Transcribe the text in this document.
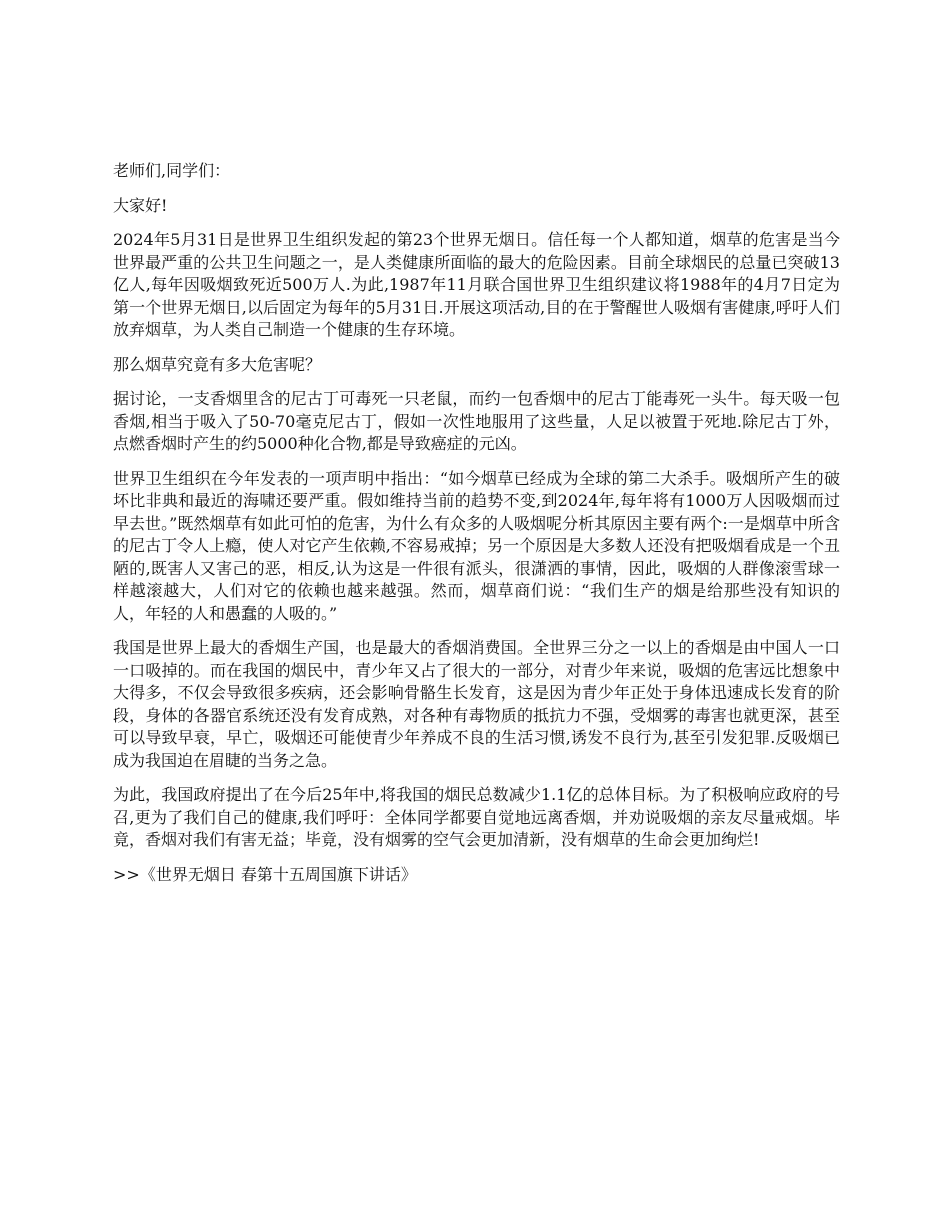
老师们,同学们：

大家好!

2024年5月31日是世界卫生组织发起的第23个世界无烟日。信任每一个人都知道，烟草的危害是当今世界最严重的公共卫生问题之一，是人类健康所面临的最大的危险因素。目前全球烟民的总量已突破13亿人,每年因吸烟致死近500万人.为此,1987年11月联合国世界卫生组织建议将1988年的4月7日定为第一个世界无烟日,以后固定为每年的5月31日.开展这项活动,目的在于警醒世人吸烟有害健康,呼吁人们放弃烟草，为人类自己制造一个健康的生存环境。

那么烟草究竟有多大危害呢？

据讨论，一支香烟里含的尼古丁可毒死一只老鼠，而约一包香烟中的尼古丁能毒死一头牛。每天吸一包香烟,相当于吸入了50-70毫克尼古丁，假如一次性地服用了这些量，人足以被置于死地.除尼古丁外，点燃香烟时产生的约5000种化合物,都是导致癌症的元凶。

世界卫生组织在今年发表的一项声明中指出：“如今烟草已经成为全球的第二大杀手。吸烟所产生的破坏比非典和最近的海啸还要严重。假如维持当前的趋势不变,到2024年,每年将有1000万人因吸烟而过早去世。”既然烟草有如此可怕的危害，为什么有众多的人吸烟呢分析其原因主要有两个:一是烟草中所含的尼古丁令人上瘾，使人对它产生依赖,不容易戒掉；另一个原因是大多数人还没有把吸烟看成是一个丑陋的,既害人又害己的恶，相反,认为这是一件很有派头，很潇洒的事情，因此，吸烟的人群像滚雪球一样越滚越大，人们对它的依赖也越来越强。然而，烟草商们说：“我们生产的烟是给那些没有知识的人，年轻的人和愚蠢的人吸的。”

我国是世界上最大的香烟生产国，也是最大的香烟消费国。全世界三分之一以上的香烟是由中国人一口一口吸掉的。而在我国的烟民中，青少年又占了很大的一部分，对青少年来说，吸烟的危害远比想象中大得多，不仅会导致很多疾病，还会影响骨骼生长发育，这是因为青少年正处于身体迅速成长发育的阶段，身体的各器官系统还没有发育成熟，对各种有毒物质的抵抗力不强，受烟雾的毒害也就更深，甚至可以导致早衰，早亡，吸烟还可能使青少年养成不良的生活习惯,诱发不良行为,甚至引发犯罪.反吸烟已成为我国迫在眉睫的当务之急。

为此，我国政府提出了在今后25年中,将我国的烟民总数减少1.1亿的总体目标。为了积极响应政府的号召,更为了我们自己的健康,我们呼吁：全体同学都要自觉地远离香烟，并劝说吸烟的亲友尽量戒烟。毕竟，香烟对我们有害无益；毕竟，没有烟雾的空气会更加清新，没有烟草的生命会更加绚烂!

>>《世界无烟日 春第十五周国旗下讲话》
